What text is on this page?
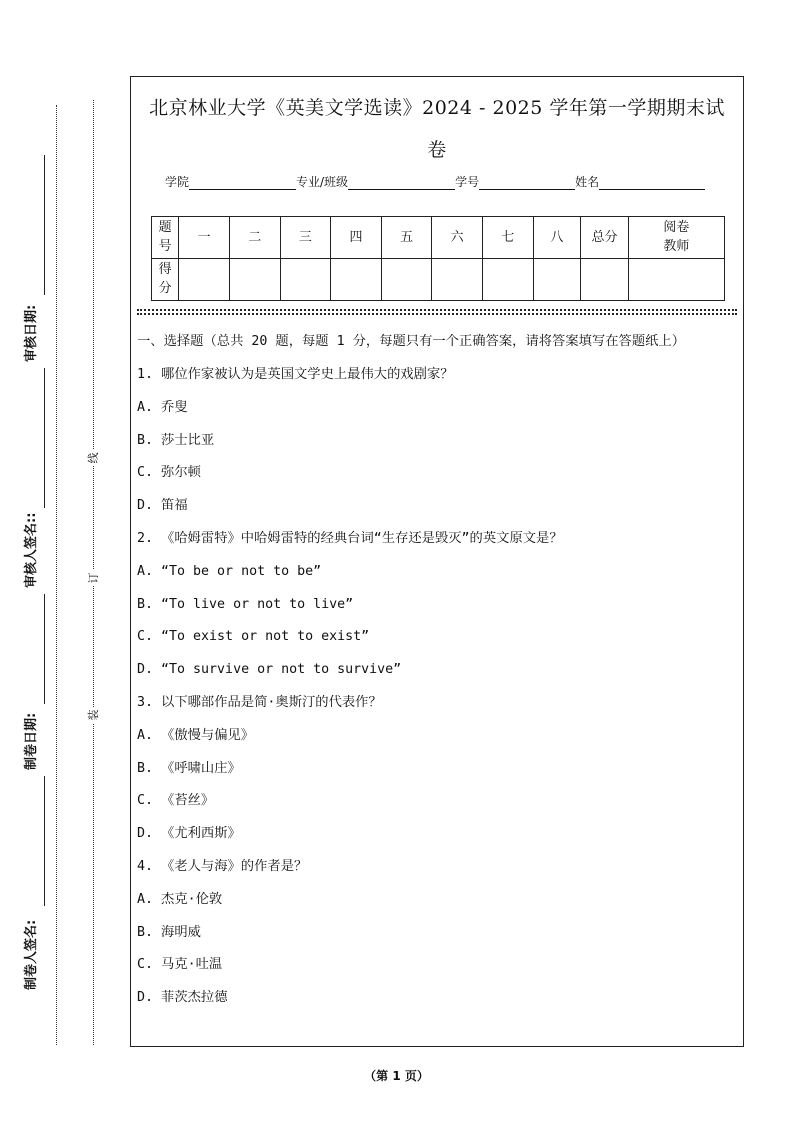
审核日期:
审核人签名::
制卷日期:
制卷人签名:
线
订
装
北京林业大学《英美文学选读》2024 - 2025 学年第一学期期末试
卷
学院	专业/班级	学号	姓名
题号	一	二	三	四	五	六	七	八	总分	阅卷教师
得分										
一、选择题（总共 20 题，每题 1 分，每题只有一个正确答案，请将答案填写在答题纸上）
1. 哪位作家被认为是英国文学史上最伟大的戏剧家？
A. 乔叟
B. 莎士比亚
C. 弥尔顿
D. 笛福
2. 《哈姆雷特》中哈姆雷特的经典台词“生存还是毁灭”的英文原文是？
A. “To be or not to be”
B. “To live or not to live”
C. “To exist or not to exist”
D. “To survive or not to survive”
3. 以下哪部作品是简·奥斯汀的代表作？
A. 《傲慢与偏见》
B. 《呼啸山庄》
C. 《苔丝》
D. 《尤利西斯》
4. 《老人与海》的作者是？
A. 杰克·伦敦
B. 海明威
C. 马克·吐温
D. 菲茨杰拉德
（第 1 页）
